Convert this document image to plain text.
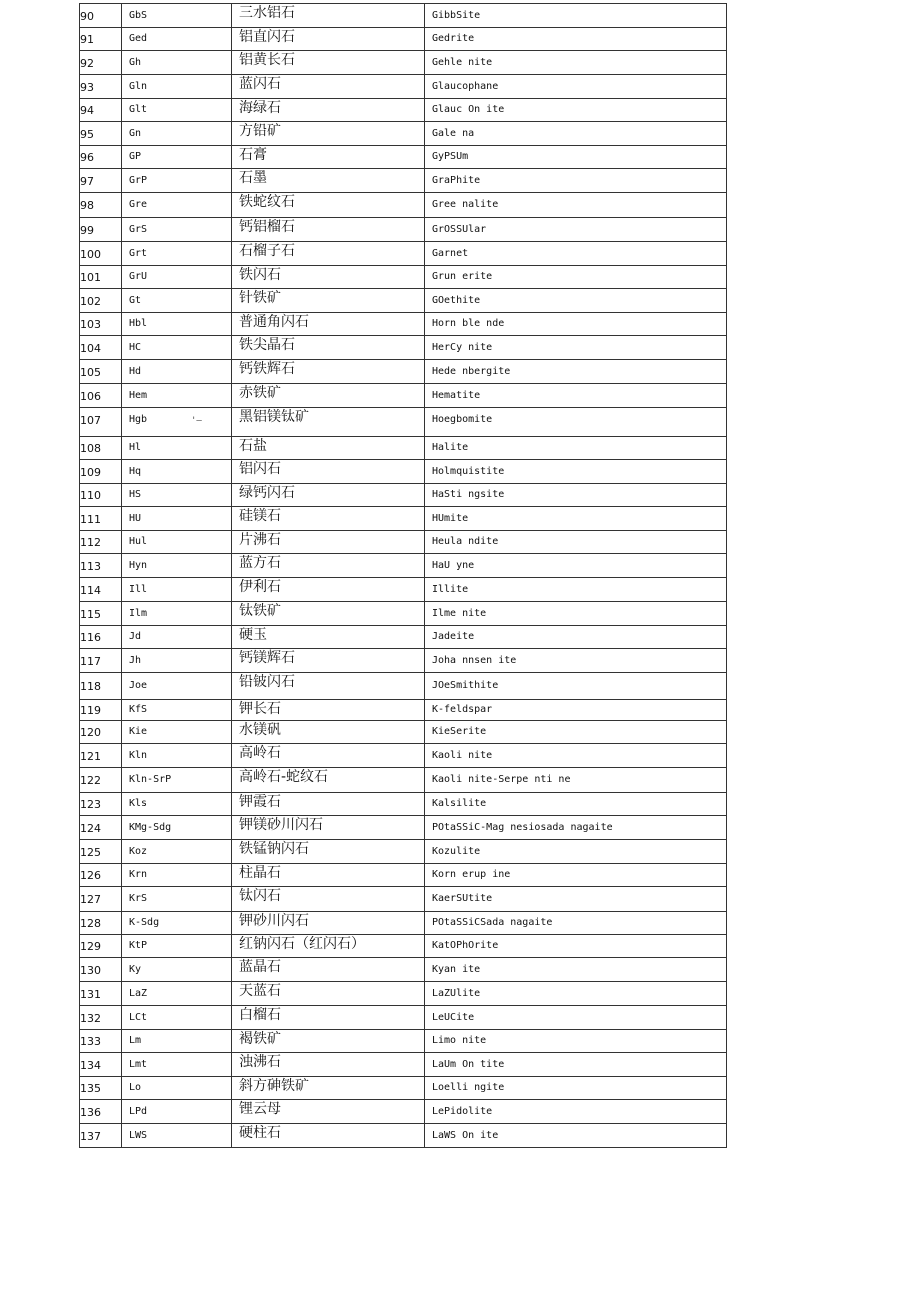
90	GbS	三水铝石	GibbSite

91	Ged	铝直闪石	Gedrite

92	Gh	铝黄长石	Gehle nite

93	Gln	蓝闪石	Glaucophane

94	Glt	海绿石	Glauc On ite

95	Gn	方铅矿	Gale na

96	GP	石膏	GyPSUm

97	GrP	石墨	GraPhite

98	Gre	铁蛇纹石	Gree nalite

99	GrS	钙铝榴石	GrOSSUlar

100	Grt	石榴子石	Garnet

101	GrU	铁闪石	Grun erite

102	Gt	针铁矿	GOethite

103	Hbl	普通角闪石	Horn ble nde

104	HC	铁尖晶石	HerCy nite

105	Hd	钙铁辉石	Hede nbergite

106	Hem	赤铁矿	Hematite

107	Hgb '—	黑铝镁钛矿	Hoegbomite

108	Hl	石盐	Halite

109	Hq	铝闪石	Holmquistite

110	HS	绿钙闪石	HaSti ngsite

111	HU	硅镁石	HUmite

112	Hul	片沸石	Heula ndite

113	Hyn	蓝方石	HaU yne

114	Ill	伊利石	Illite

115	Ilm	钛铁矿	Ilme nite

116	Jd	硬玉	Jadeite

117	Jh	钙镁辉石	Joha nnsen ite

118	Joe	铅铍闪石	JOeSmithite

119	KfS	钾长石	K-feldspar

120	Kie	水镁矾	KieSerite

121	Kln	高岭石	Kaoli nite

122	Kln-SrP	高岭石-蛇纹石	Kaoli nite-Serpe nti ne

123	Kls	钾霞石	Kalsilite

124	KMg-Sdg	钾镁砂川闪石	POtaSSiC-Mag nesiosada nagaite

125	Koz	铁锰钠闪石	Kozulite

126	Krn	柱晶石	Korn erup ine

127	KrS	钛闪石	KaerSUtite

128	K-Sdg	钾砂川闪石	POtaSSiCSada nagaite

129	KtP	红钠闪石（红闪石）	KatOPhOrite

130	Ky	蓝晶石	Kyan ite

131	LaZ	天蓝石	LaZUlite

132	LCt	白榴石	LeUCite

133	Lm	褐铁矿	Limo nite

134	Lmt	浊沸石	LaUm On tite

135	Lo	斜方砷铁矿	Loelli ngite

136	LPd	锂云母	LePidolite

137	LWS	硬柱石	LaWS On ite
